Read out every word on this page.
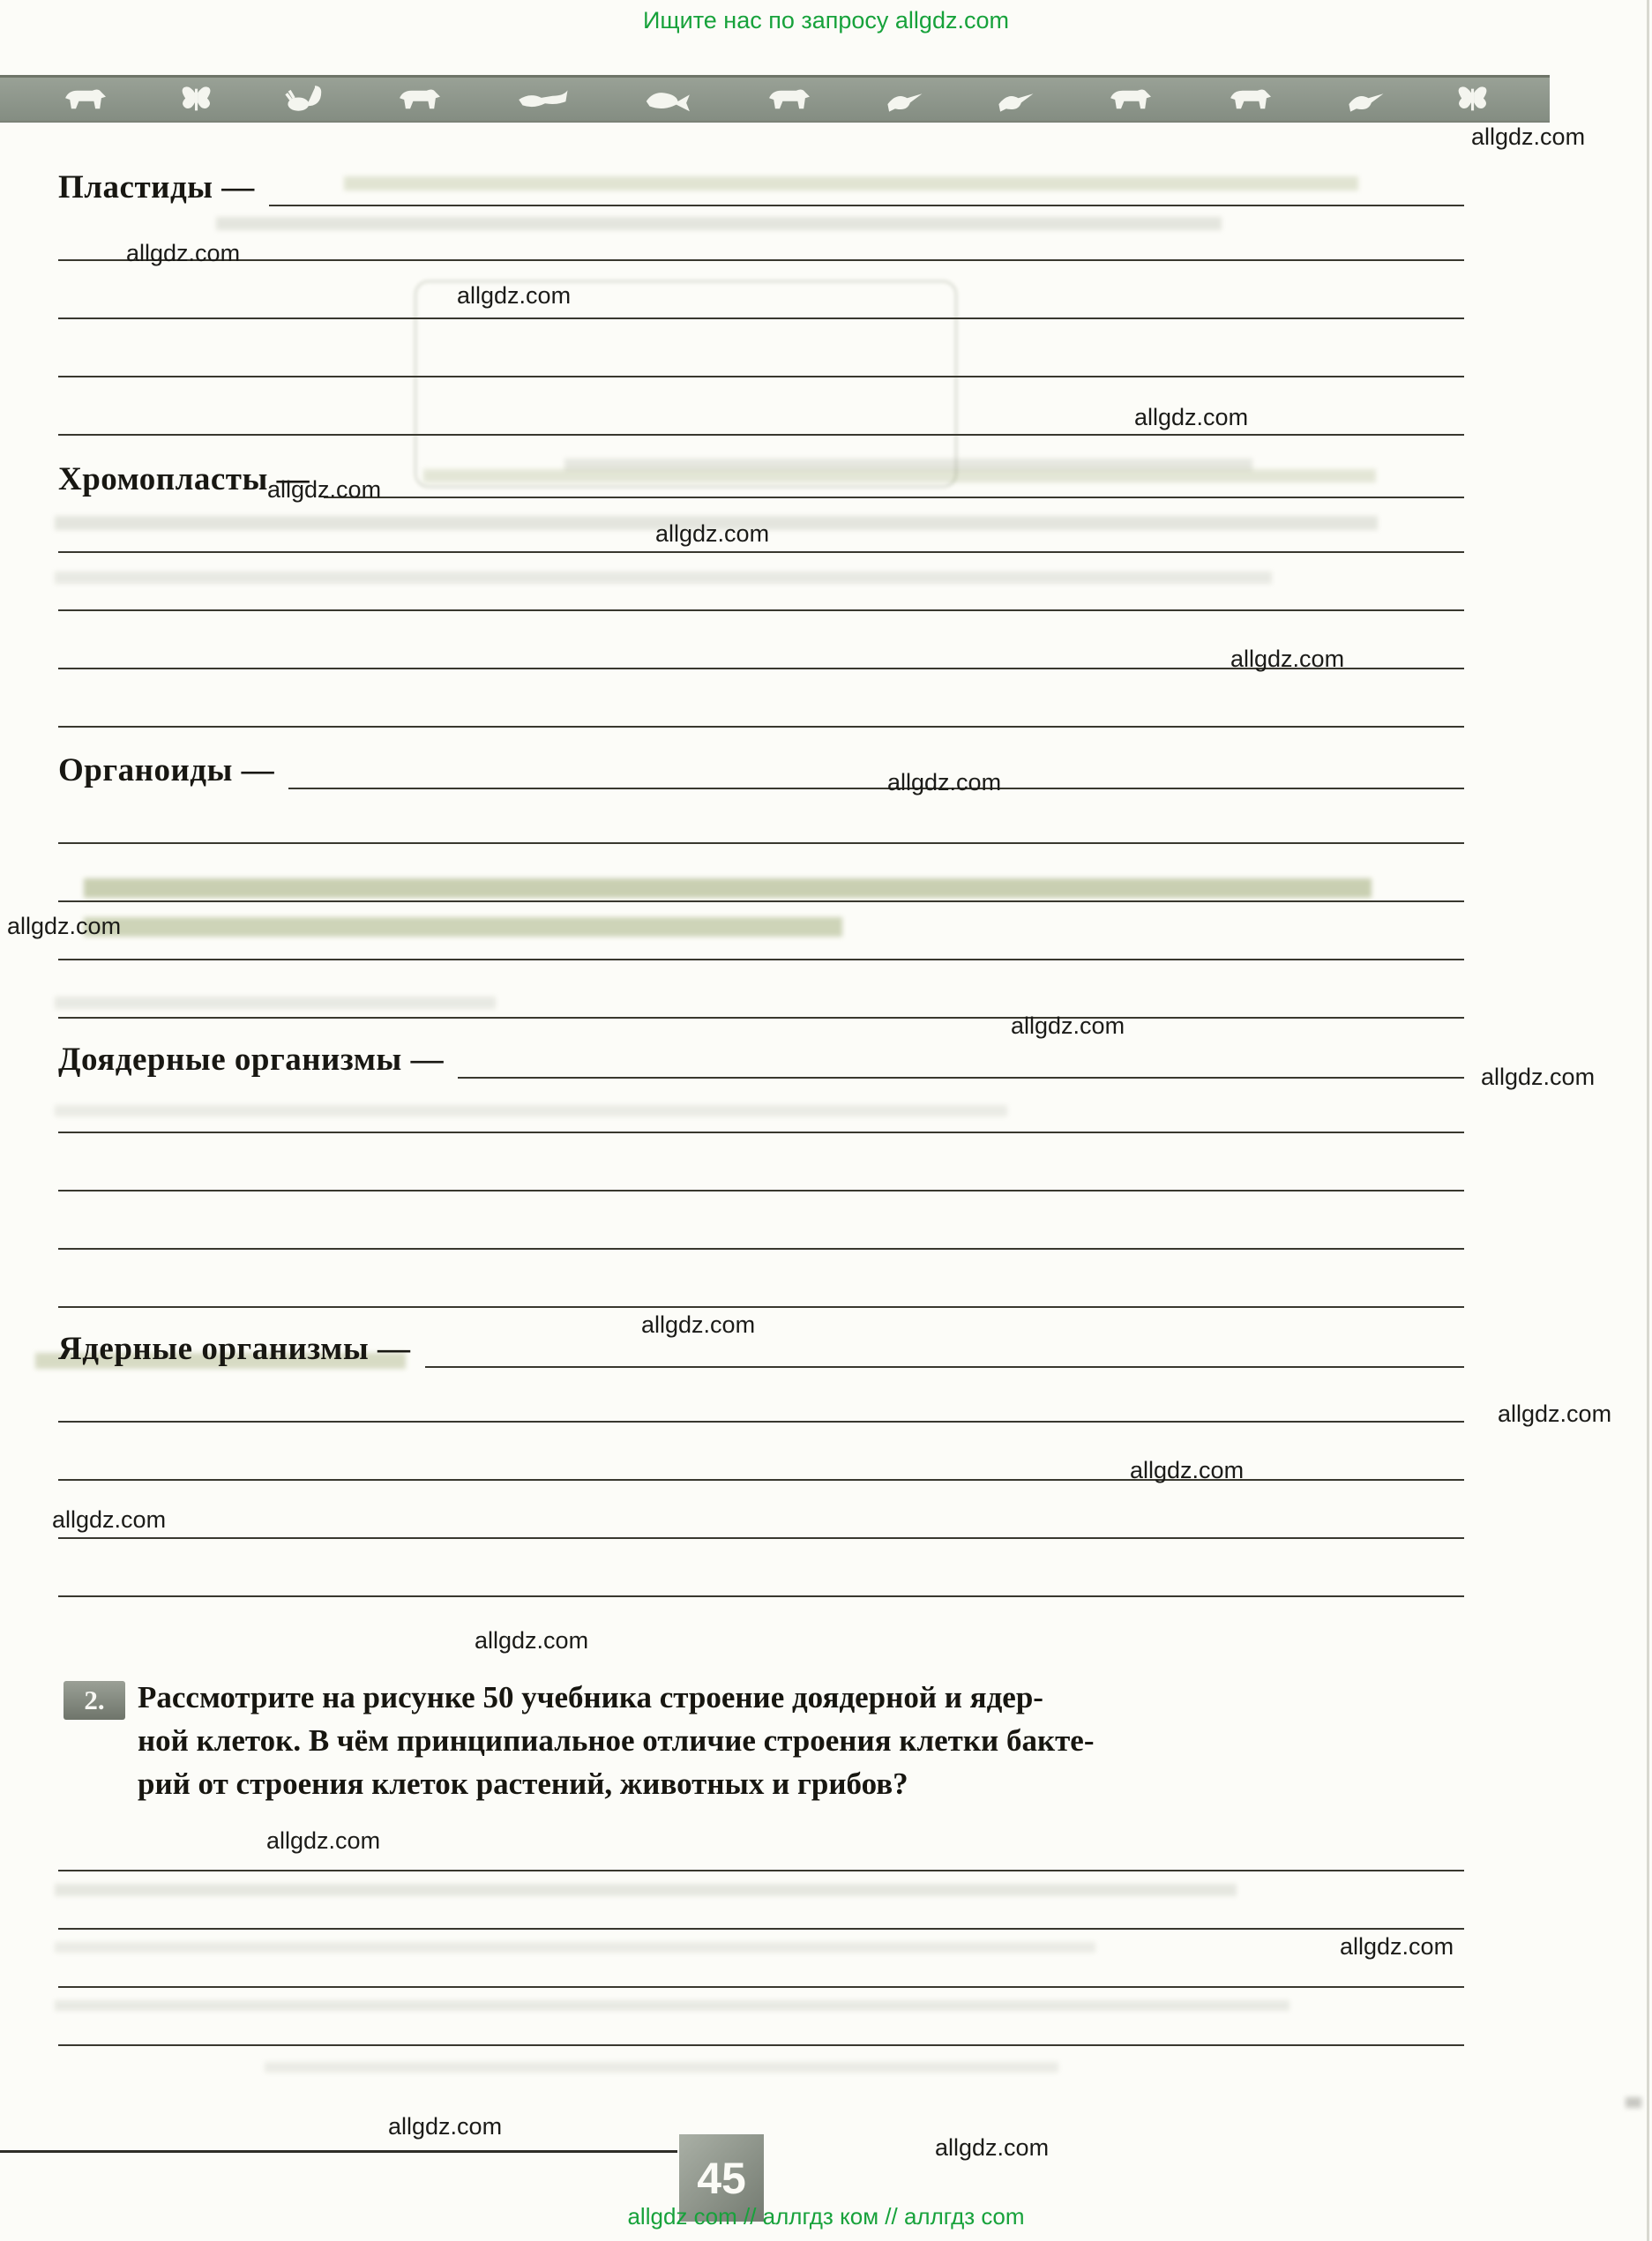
Ищите нас по запросу allgdz.com
Пластиды —
Хромопласты —
Органоиды —
Доядерные организмы —
Ядерные организмы —
2.	Рассмотрите на рисунке 50 учебника строение доядерной и ядер-
ной клеток. В чём принципиальное отличие строения клетки бакте-
рий от строения клеток растений, животных и грибов?
45
allgdz com // аллгдз ком // аллгдз com
allgdz.com
allgdz.com
allgdz.com
allgdz.com
allgdz.com
allgdz.com
allgdz.com
allgdz.com
allgdz.com
allgdz.com
allgdz.com
allgdz.com
allgdz.com
allgdz.com
allgdz.com
allgdz.com
allgdz.com
allgdz.com
allgdz.com
allgdz.com
